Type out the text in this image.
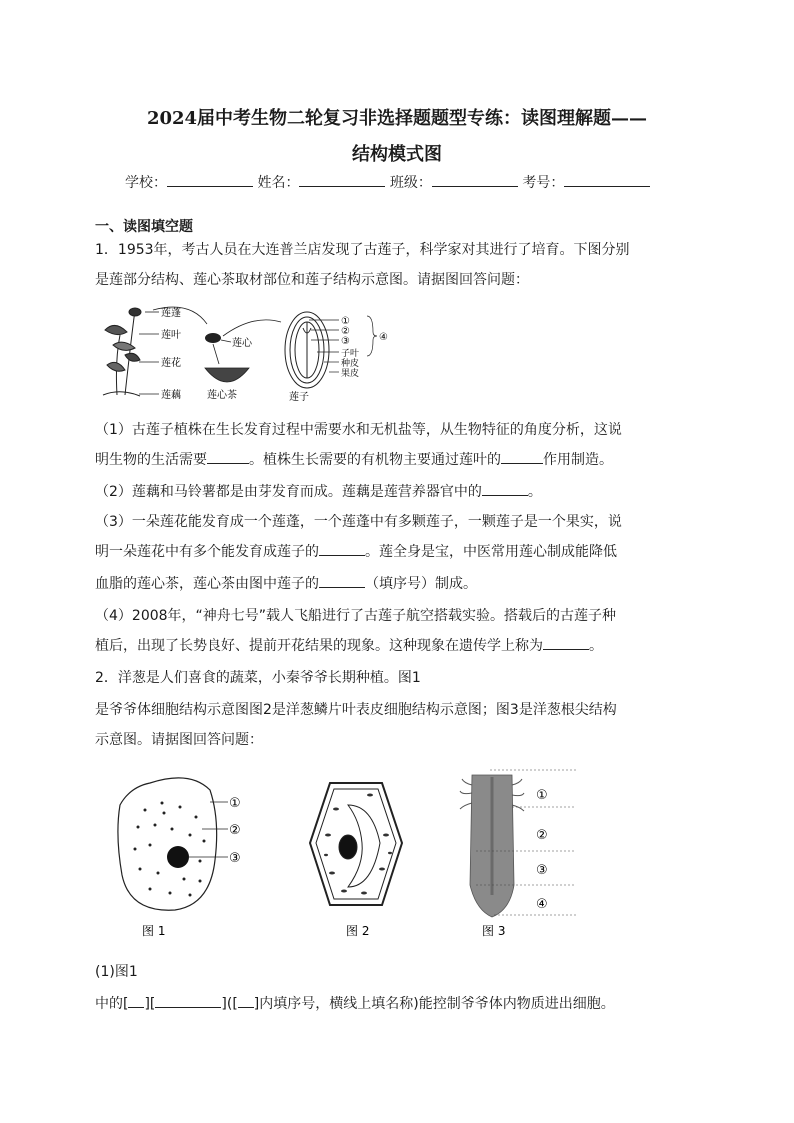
2024届中考生物二轮复习非选择题题型专练：读图理解题——
结构模式图
学校：	姓名：	班级：	考号：
一、读图填空题
1．1953年，考古人员在大连普兰店发现了古莲子，科学家对其进行了培育。下图分别
是莲部分结构、莲心茶取材部位和莲子结构示意图。请据图回答问题：
莲蓬
莲叶
莲花
莲藕
莲心
莲心茶
①
②
③
子叶
种皮
果皮
④
莲子
（1）古莲子植株在生长发育过程中需要水和无机盐等，从生物特征的角度分析，这说
明生物的生活需要	。植株生长需要的有机物主要通过莲叶的	作用制造。
（2）莲藕和马铃薯都是由芽发育而成。莲藕是莲营养器官中的	。
（3）一朵莲花能发育成一个莲蓬，一个莲蓬中有多颗莲子，一颗莲子是一个果实，说
明一朵莲花中有多个能发育成莲子的	。莲全身是宝，中医常用莲心制成能降低
血脂的莲心茶，莲心茶由图中莲子的	（填序号）制成。
（4）2008年，“神舟七号”载人飞船进行了古莲子航空搭载实验。搭载后的古莲子种
植后，出现了长势良好、提前开花结果的现象。这种现象在遗传学上称为	。
2．洋葱是人们喜食的蔬菜，小秦爷爷长期种植。图1
是爷爷体细胞结构示意图图2是洋葱鳞片叶表皮细胞结构示意图；图3是洋葱根尖结构
示意图。请据图回答问题：
①
②
③
图 1	图 2
①
②
③
④
图 3
(1)图1
中的[ ][	]([ ]内填序号，横线上填名称)能控制爷爷体内物质进出细胞。
